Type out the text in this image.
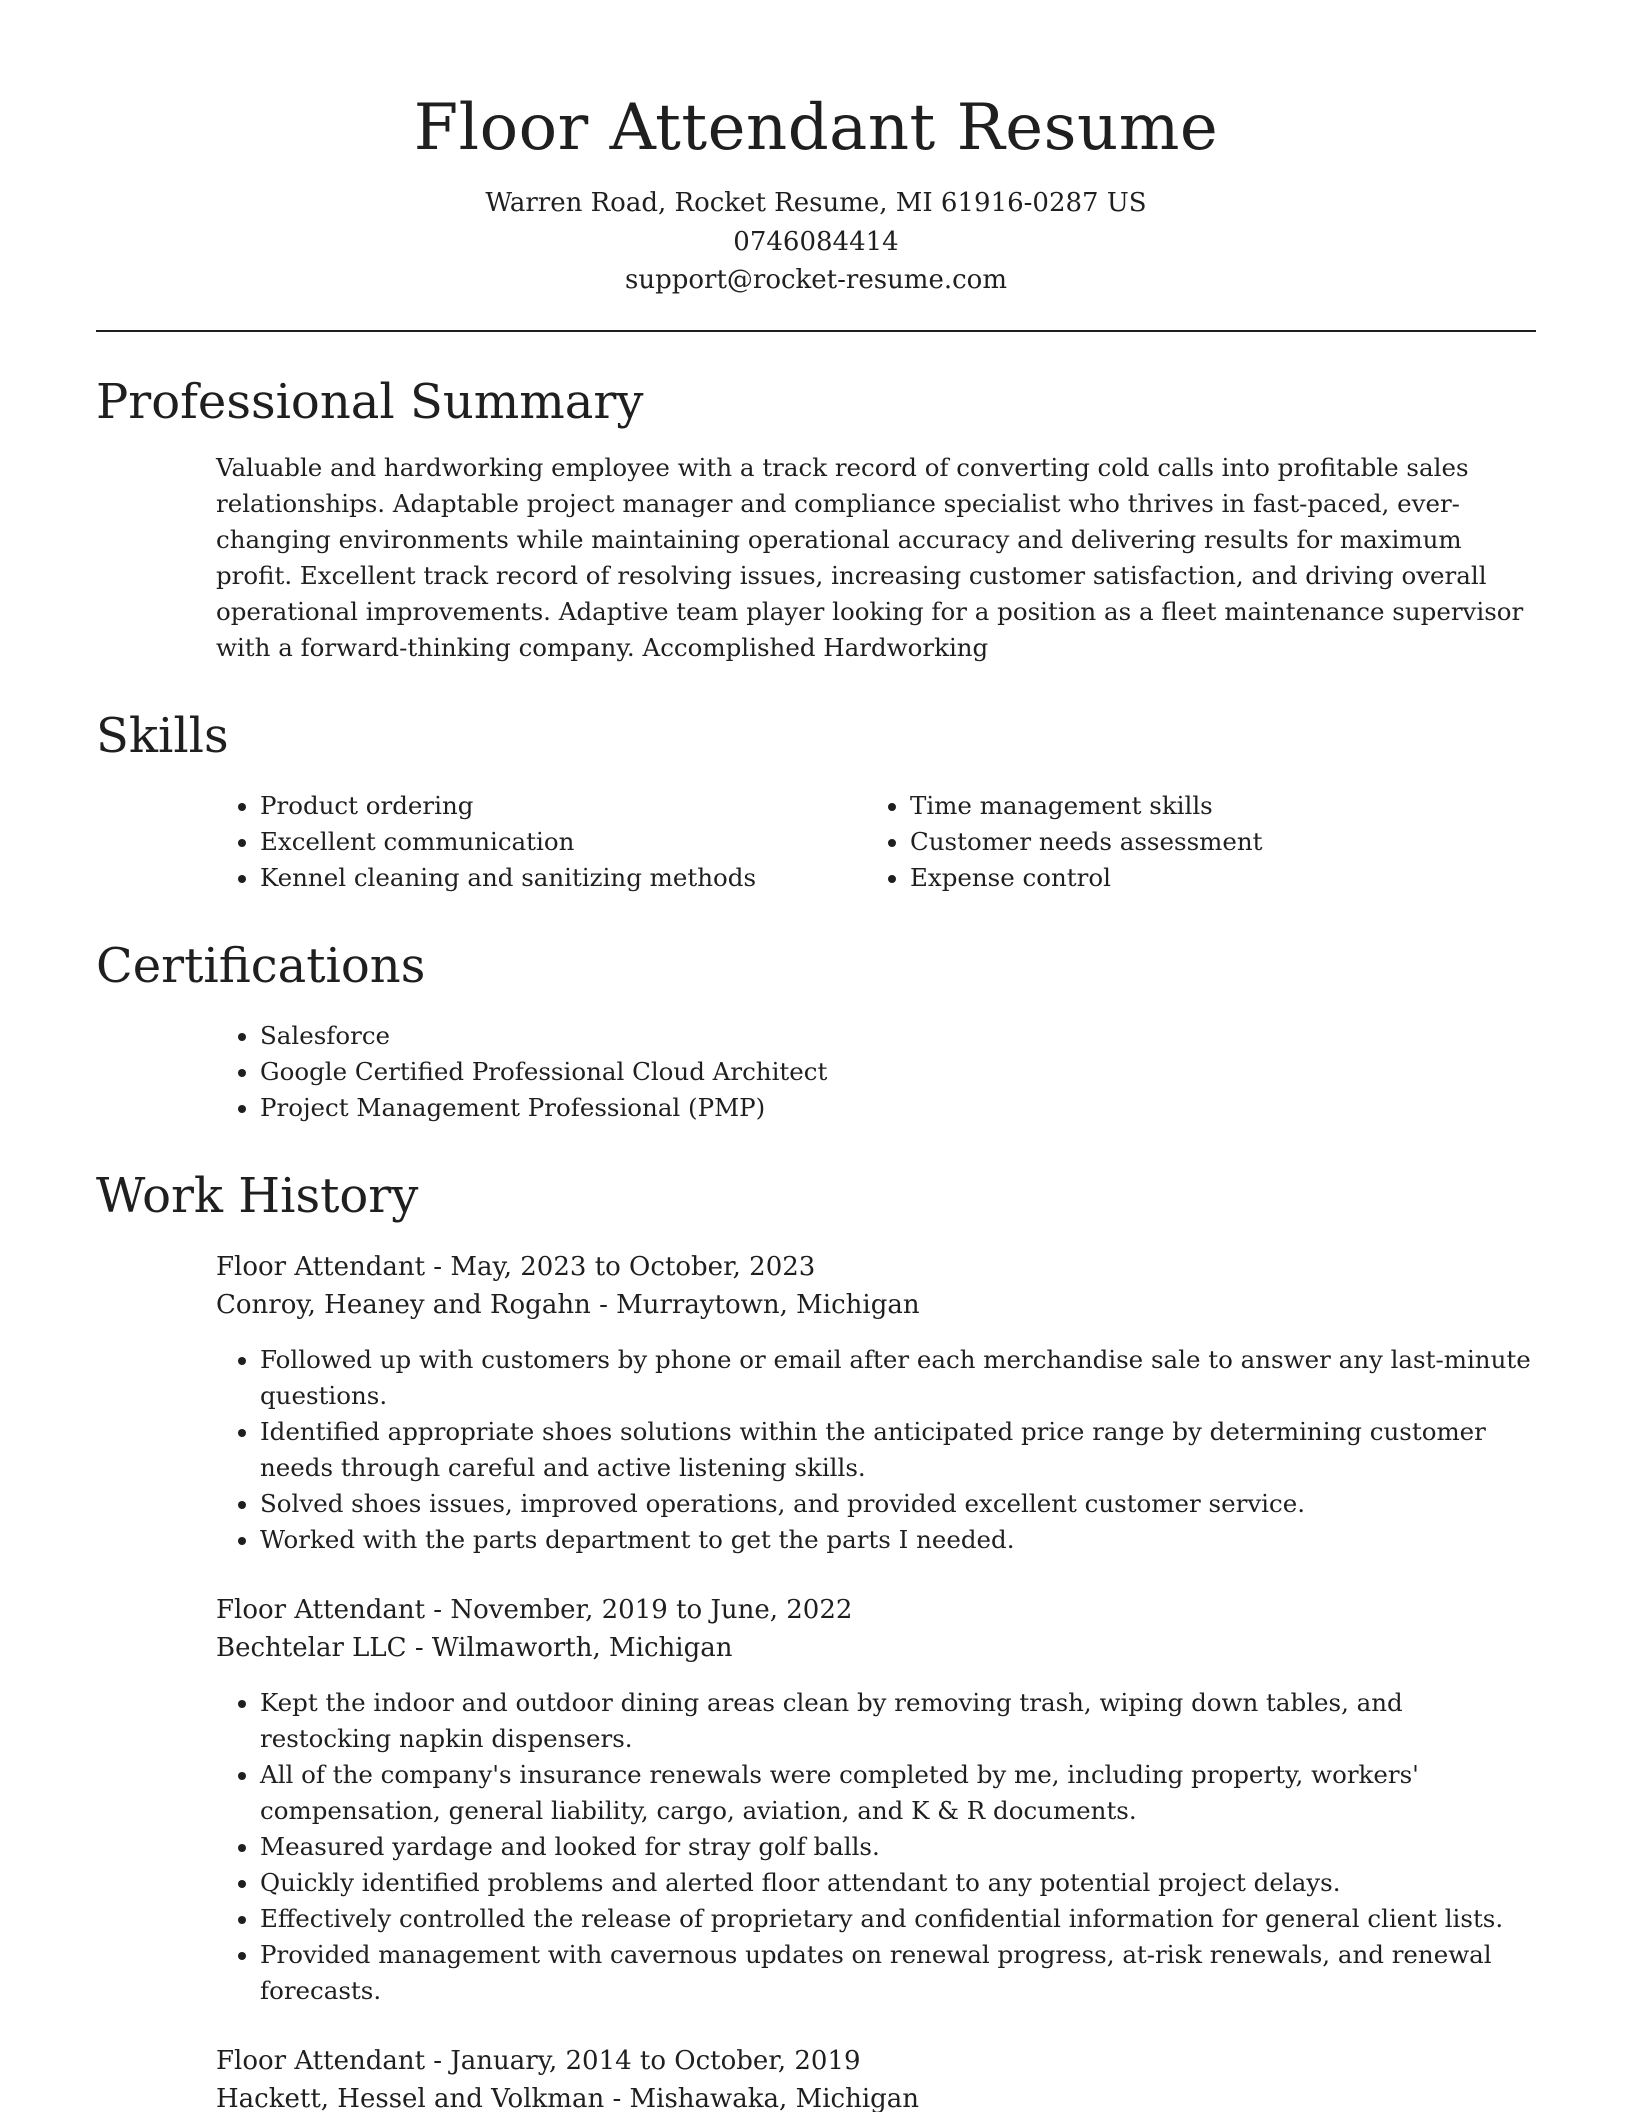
Floor Attendant Resume
Warren Road, Rocket Resume, MI 61916-0287 US
0746084414
support@rocket-resume.com
Professional Summary

Valuable and hardworking employee with a track record of converting cold calls into profitable sales relationships. Adaptable project manager and compliance specialist who thrives in fast-paced, ever-changing environments while maintaining operational accuracy and delivering results for maximum profit. Excellent track record of resolving issues, increasing customer satisfaction, and driving overall operational improvements. Adaptive team player looking for a position as a fleet maintenance supervisor with a forward-thinking company. Accomplished Hardworking

Skills
• Product ordering
• Excellent communication
• Kennel cleaning and sanitizing methods
• Time management skills
• Customer needs assessment
• Expense control
Certifications
• Salesforce
• Google Certified Professional Cloud Architect
• Project Management Professional (PMP)
Work History
Floor Attendant - May, 2023 to October, 2023
Conroy, Heaney and Rogahn - Murraytown, Michigan
• Followed up with customers by phone or email after each merchandise sale to answer any last-minute questions.
• Identified appropriate shoes solutions within the anticipated price range by determining customer needs through careful and active listening skills.
• Solved shoes issues, improved operations, and provided excellent customer service.
• Worked with the parts department to get the parts I needed.
Floor Attendant - November, 2019 to June, 2022
Bechtelar LLC - Wilmaworth, Michigan
• Kept the indoor and outdoor dining areas clean by removing trash, wiping down tables, and restocking napkin dispensers.
• All of the company's insurance renewals were completed by me, including property, workers' compensation, general liability, cargo, aviation, and K & R documents.
• Measured yardage and looked for stray golf balls.
• Quickly identified problems and alerted floor attendant to any potential project delays.
• Effectively controlled the release of proprietary and confidential information for general client lists.
• Provided management with cavernous updates on renewal progress, at-risk renewals, and renewal forecasts.
Floor Attendant - January, 2014 to October, 2019
Hackett, Hessel and Volkman - Mishawaka, Michigan
